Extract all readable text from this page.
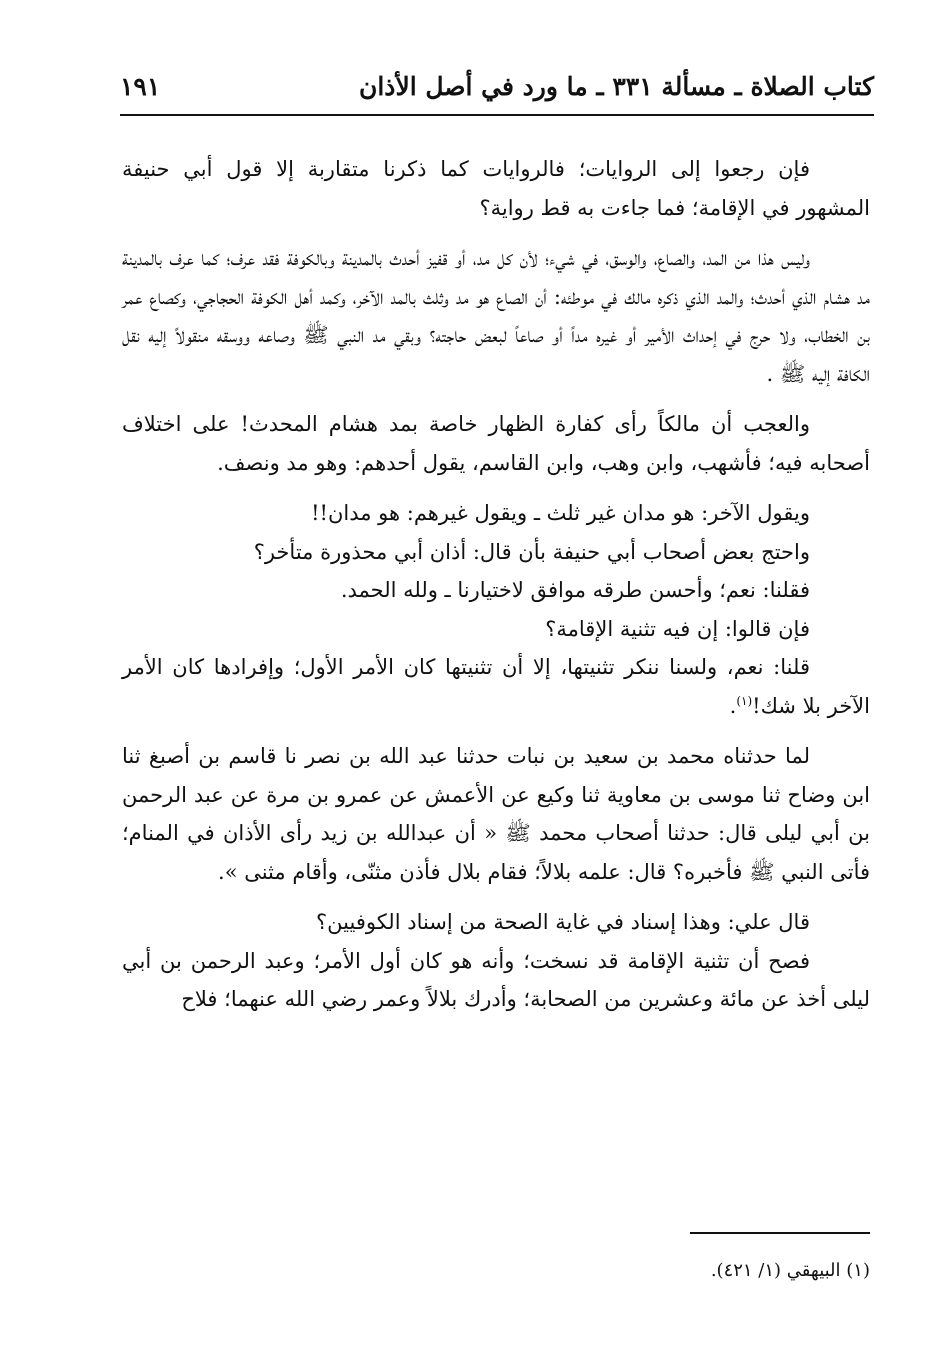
كتاب الصلاة ـ مسألة ٣٣١ ـ ما ورد في أصل الأذان
١٩١

فإن رجعوا إلى الروايات؛ فالروايات كما ذكرنا متقاربة إلا قول أبي حنيفة المشهور في الإقامة؛ فما جاءت به قط رواية؟

وليس هذا من المد، والصاع، والوسق، في شيء؛ لأن كل مد، أو قفيز أحدث بالمدينة وبالكوفة فقد عرف؛ كما عرف بالمدينة مد هشام الذي أحدث؛ والمد الذي ذكره مالك في موطئه: أن الصاع هو مد وثلث بالمد الآخر، وكمد أهل الكوفة الحجاجي، وكصاع عمر بن الخطاب، ولا حرج في إحداث الأمير أو غيره مداً أو صاعاً لبعض حاجته؟ وبقي مد النبي ﷺ وصاعه ووسقه منقولاً إليه نقل الكافة إليه ﷺ .

والعجب أن مالكاً رأى كفارة الظهار خاصة بمد هشام المحدث! على اختلاف أصحابه فيه؛ فأشهب، وابن وهب، وابن القاسم، يقول أحدهم: وهو مد ونصف.

ويقول الآخر: هو مدان غير ثلث ـ ويقول غيرهم: هو مدان!!

واحتج بعض أصحاب أبي حنيفة بأن قال: أذان أبي محذورة متأخر؟

فقلنا: نعم؛ وأحسن طرقه موافق لاختيارنا ـ ولله الحمد.

فإن قالوا: إن فيه تثنية الإقامة؟

قلنا: نعم، ولسنا ننكر تثنيتها، إلا أن تثنيتها كان الأمر الأول؛ وإفرادها كان الأمر الآخر بلا شك!$^{(١)}$.

لما حدثناه محمد بن سعيد بن نبات حدثنا عبد الله بن نصر نا قاسم بن أصبغ ثنا ابن وضاح ثنا موسى بن معاوية ثنا وكيع عن الأعمش عن عمرو بن مرة عن عبد الرحمن بن أبي ليلى قال: حدثنا أصحاب محمد ﷺ « أن عبدالله بن زيد رأى الأذان في المنام؛ فأتى النبي ﷺ فأخبره؟ قال: علمه بلالاً؛ فقام بلال فأذن مثنّى، وأقام مثنى ».

قال علي: وهذا إسناد في غاية الصحة من إسناد الكوفيين؟

فصح أن تثنية الإقامة قد نسخت؛ وأنه هو كان أول الأمر؛ وعبد الرحمن بن أبي ليلى أخذ عن مائة وعشرين من الصحابة؛ وأدرك بلالاً وعمر رضي الله عنهما؛ فلاح

(١) البيهقي (١/ ٤٢١).
